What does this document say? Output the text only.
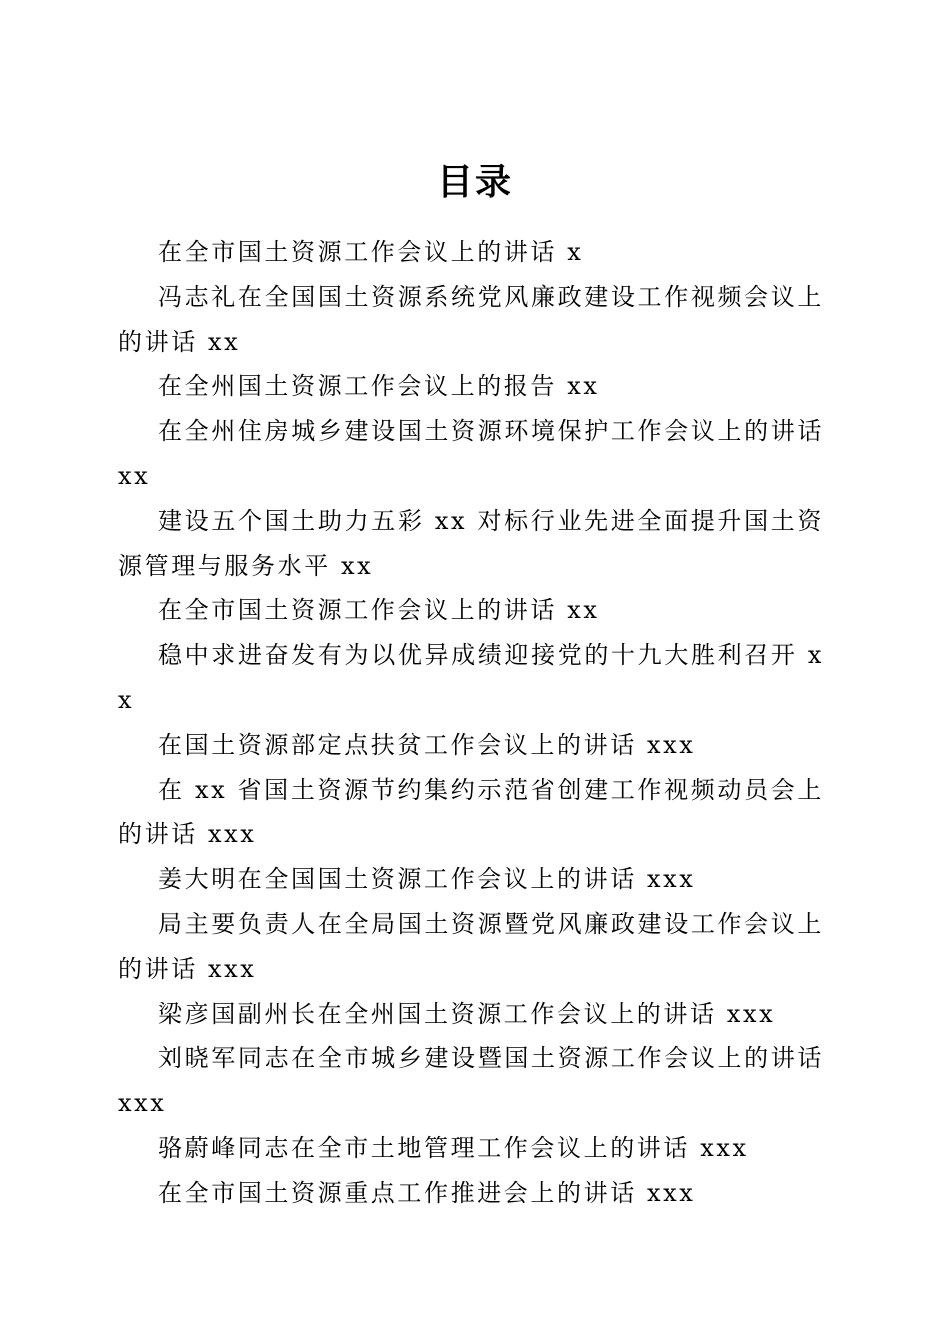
目录
在全市国土资源工作会议上的讲话 x
冯志礼在全国国土资源系统党风廉政建设工作视频会议上的讲话 xx
在全州国土资源工作会议上的报告 xx
在全州住房城乡建设国土资源环境保护工作会议上的讲话 xx
建设五个国土助力五彩 xx 对标行业先进全面提升国土资源管理与服务水平 xx
在全市国土资源工作会议上的讲话 xx
稳中求进奋发有为以优异成绩迎接党的十九大胜利召开 xx
在国土资源部定点扶贫工作会议上的讲话 xxx
在 xx 省国土资源节约集约示范省创建工作视频动员会上的讲话 xxx
姜大明在全国国土资源工作会议上的讲话 xxx
局主要负责人在全局国土资源暨党风廉政建设工作会议上的讲话 xxx
梁彦国副州长在全州国土资源工作会议上的讲话 xxx
刘晓军同志在全市城乡建设暨国土资源工作会议上的讲话 xxx
骆蔚峰同志在全市土地管理工作会议上的讲话 xxx
在全市国土资源重点工作推进会上的讲话 xxx
